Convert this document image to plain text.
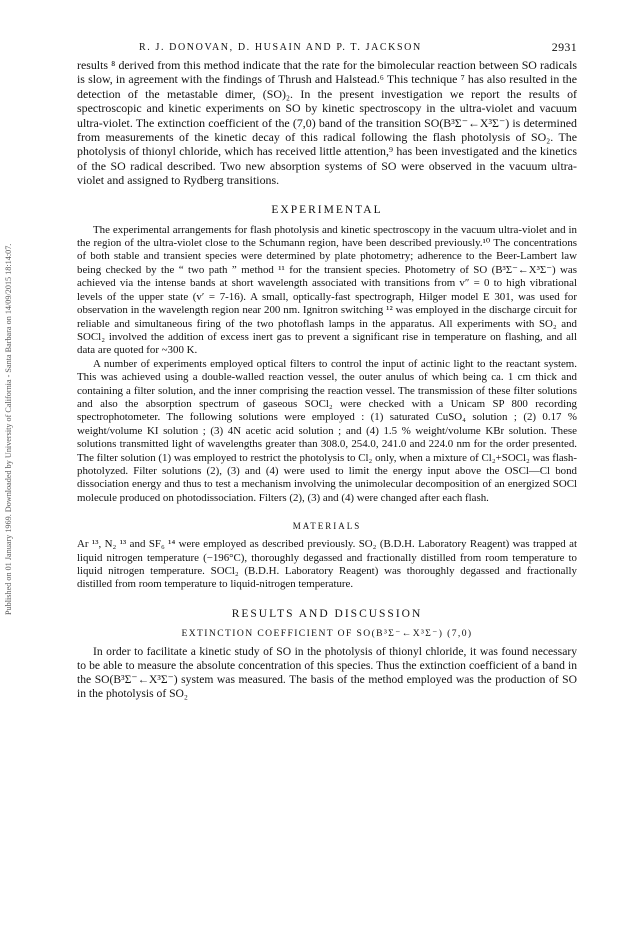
Published on 01 January 1969. Downloaded by University of California - Santa Barbara on 14/09/2015 18:14:07.
R. J. DONOVAN, D. HUSAIN AND P. T. JACKSON	2931

results ⁸ derived from this method indicate that the rate for the bimolecular reaction between SO radicals is slow, in agreement with the findings of Thrush and Halstead.⁶ This technique ⁷ has also resulted in the detection of the metastable dimer, (SO)₂. In the present investigation we report the results of spectroscopic and kinetic experiments on SO by kinetic spectroscopy in the ultra-violet and vacuum ultra-violet. The extinction coefficient of the (7,0) band of the transition SO(B³Σ⁻←X³Σ⁻) is determined from measurements of the kinetic decay of this radical following the flash photolysis of SO₂. The photolysis of thionyl chloride, which has received little attention,⁹ has been investigated and the kinetics of the SO radical described. Two new absorption systems of SO were observed in the vacuum ultra-violet and assigned to Rydberg transitions.

EXPERIMENTAL

The experimental arrangements for flash photolysis and kinetic spectroscopy in the vacuum ultra-violet and in the region of the ultra-violet close to the Schumann region, have been described previously.¹⁰ The concentrations of both stable and transient species were determined by plate photometry; adherence to the Beer-Lambert law being checked by the “ two path ” method ¹¹ for the transient species. Photometry of SO (B³Σ⁻←X³Σ⁻) was achieved via the intense bands at short wavelength associated with transitions from v″ = 0 to high vibrational levels of the upper state (v′ = 7-16). A small, optically-fast spectrograph, Hilger model E 301, was used for observation in the wavelength region near 200 nm. Ignitron switching ¹² was employed in the discharge circuit for reliable and simultaneous firing of the two photoflash lamps in the apparatus. All experiments with SO₂ and SOCl₂ involved the addition of excess inert gas to prevent a significant rise in temperature on flashing, and all data are quoted for ~300 K.

A number of experiments employed optical filters to control the input of actinic light to the reactant system. This was achieved using a double-walled reaction vessel, the outer anulus of which being ca. 1 cm thick and containing a filter solution, and the inner comprising the reaction vessel. The transmission of these filter solutions and also the absorption spectrum of gaseous SOCl₂ were checked with a Unicam SP 800 recording spectrophotometer. The following solutions were employed : (1) saturated CuSO₄ solution ; (2) 0.17 % weight/volume KI solution ; (3) 4N acetic acid solution ; and (4) 1.5 % weight/volume KBr solution. These solutions transmitted light of wavelengths greater than 308.0, 254.0, 241.0 and 224.0 nm for the order presented. The filter solution (1) was employed to restrict the photolysis to Cl₂ only, when a mixture of Cl₂+SOCl₂ was flash-photolyzed. Filter solutions (2), (3) and (4) were used to limit the energy input above the OSCl—Cl bond dissociation energy and thus to test a mechanism involving the unimolecular decomposition of an energized SOCl molecule produced on photodissociation. Filters (2), (3) and (4) were changed after each flash.

MATERIALS

Ar ¹³, N₂ ¹³ and SF₆ ¹⁴ were employed as described previously. SO₂ (B.D.H. Laboratory Reagent) was trapped at liquid nitrogen temperature (−196°C), thoroughly degassed and fractionally distilled from room temperature to liquid nitrogen temperature. SOCl₂ (B.D.H. Laboratory Reagent) was thoroughly degassed and fractionally distilled from room temperature to liquid-nitrogen temperature.

RESULTS AND DISCUSSION
EXTINCTION COEFFICIENT OF SO(B³Σ⁻←X³Σ⁻) (7,0)

In order to facilitate a kinetic study of SO in the photolysis of thionyl chloride, it was found necessary to be able to measure the absolute concentration of this species. Thus the extinction coefficient of a band in the SO(B³Σ⁻←X³Σ⁻) system was measured. The basis of the method employed was the production of SO in the photolysis of SO₂
